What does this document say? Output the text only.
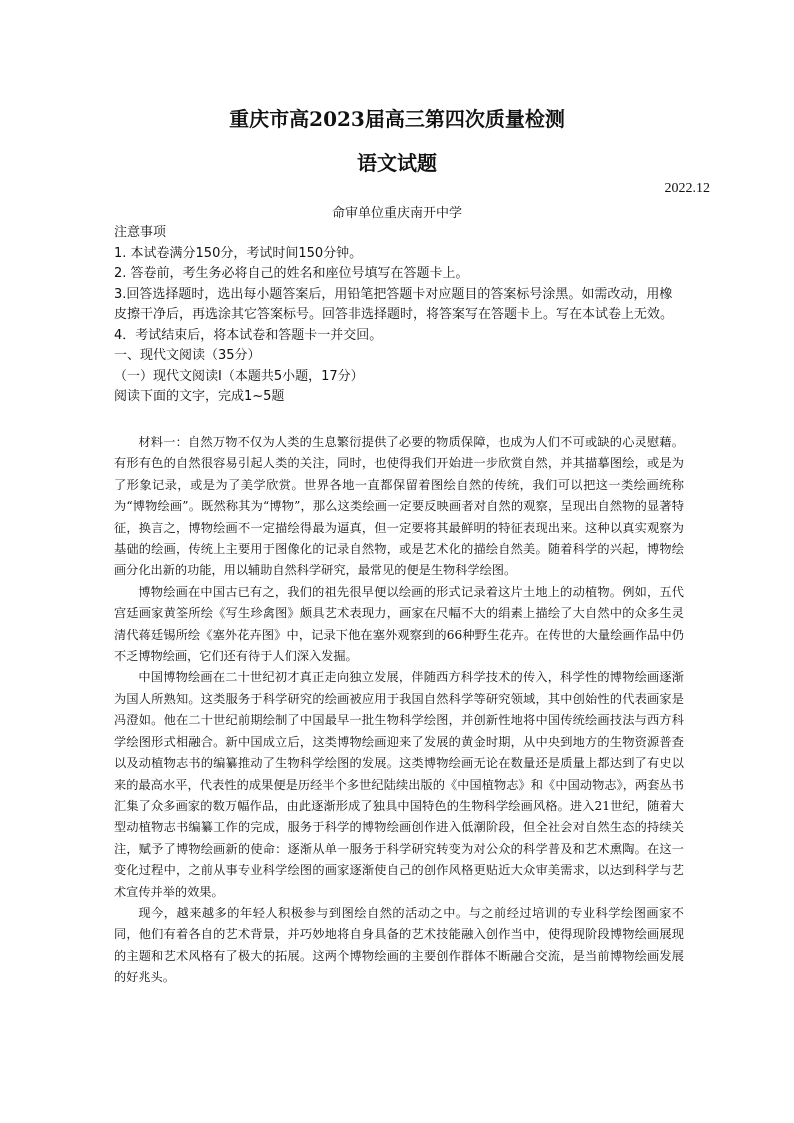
重庆市高2023届高三第四次质量检测
语文试题
2022.12
命审单位重庆南开中学
注意事项
1. 本试卷满分150分，考试时间150分钟。
2. 答卷前，考生务必将自己的姓名和座位号填写在答题卡上。
3.回答选择题时，选出每小题答案后，用铅笔把答题卡对应题目的答案标号涂黑。如需改动，用橡皮擦干净后，再选涂其它答案标号。回答非选择题时，将答案写在答题卡上。写在本试卷上无效。
4．考试结束后，将本试卷和答题卡一并交回。
一、现代文阅读（35分）
（一）现代文阅读Ⅰ（本题共5小题，17分）
阅读下面的文字，完成1~5题

材料一：自然万物不仅为人类的生息繁衍提供了必要的物质保障，也成为人们不可或缺的心灵慰藉。有形有色的自然很容易引起人类的关注，同时，也使得我们开始进一步欣赏自然，并其描摹图绘，或是为了形象记录，或是为了美学欣赏。世界各地一直都保留着图绘自然的传统，我们可以把这一类绘画统称为“博物绘画”。既然称其为“博物”，那么这类绘画一定要反映画者对自然的观察，呈现出自然物的显著特征，换言之，博物绘画不一定描绘得最为逼真，但一定要将其最鲜明的特征表现出来。这种以真实观察为基础的绘画，传统上主要用于图像化的记录自然物，或是艺术化的描绘自然美。随着科学的兴起，博物绘画分化出新的功能，用以辅助自然科学研究，最常见的便是生物科学绘图。

博物绘画在中国古已有之，我们的祖先很早便以绘画的形式记录着这片土地上的动植物。例如，五代宫廷画家黄筌所绘《写生珍禽图》颇具艺术表现力，画家在尺幅不大的绢素上描绘了大自然中的众多生灵清代蒋廷锡所绘《塞外花卉图》中，记录下他在塞外观察到的66种野生花卉。在传世的大量绘画作品中仍不乏博物绘画，它们还有待于人们深入发掘。

中国博物绘画在二十世纪初才真正走向独立发展，伴随西方科学技术的传入，科学性的博物绘画逐渐为国人所熟知。这类服务于科学研究的绘画被应用于我国自然科学等研究领域，其中创始性的代表画家是冯澄如。他在二十世纪前期绘制了中国最早一批生物科学绘图，并创新性地将中国传统绘画技法与西方科学绘图形式相融合。新中国成立后，这类博物绘画迎来了发展的黄金时期，从中央到地方的生物资源普查以及动植物志书的编纂推动了生物科学绘图的发展。这类博物绘画无论在数量还是质量上都达到了有史以来的最高水平，代表性的成果便是历经半个多世纪陆续出版的《中国植物志》和《中国动物志》，两套丛书汇集了众多画家的数万幅作品，由此逐渐形成了独具中国特色的生物科学绘画风格。进入21世纪，随着大型动植物志书编纂工作的完成，服务于科学的博物绘画创作进入低潮阶段，但全社会对自然生态的持续关注，赋予了博物绘画新的使命：逐渐从单一服务于科学研究转变为对公众的科学普及和艺术熏陶。在这一变化过程中，之前从事专业科学绘图的画家逐渐使自己的创作风格更贴近大众审美需求，以达到科学与艺术宣传并举的效果。

现今，越来越多的年轻人积极参与到图绘自然的活动之中。与之前经过培训的专业科学绘图画家不同，他们有着各自的艺术背景，并巧妙地将自身具备的艺术技能融入创作当中，使得现阶段博物绘画展现的主题和艺术风格有了极大的拓展。这两个博物绘画的主要创作群体不断融合交流，是当前博物绘画发展的好兆头。
